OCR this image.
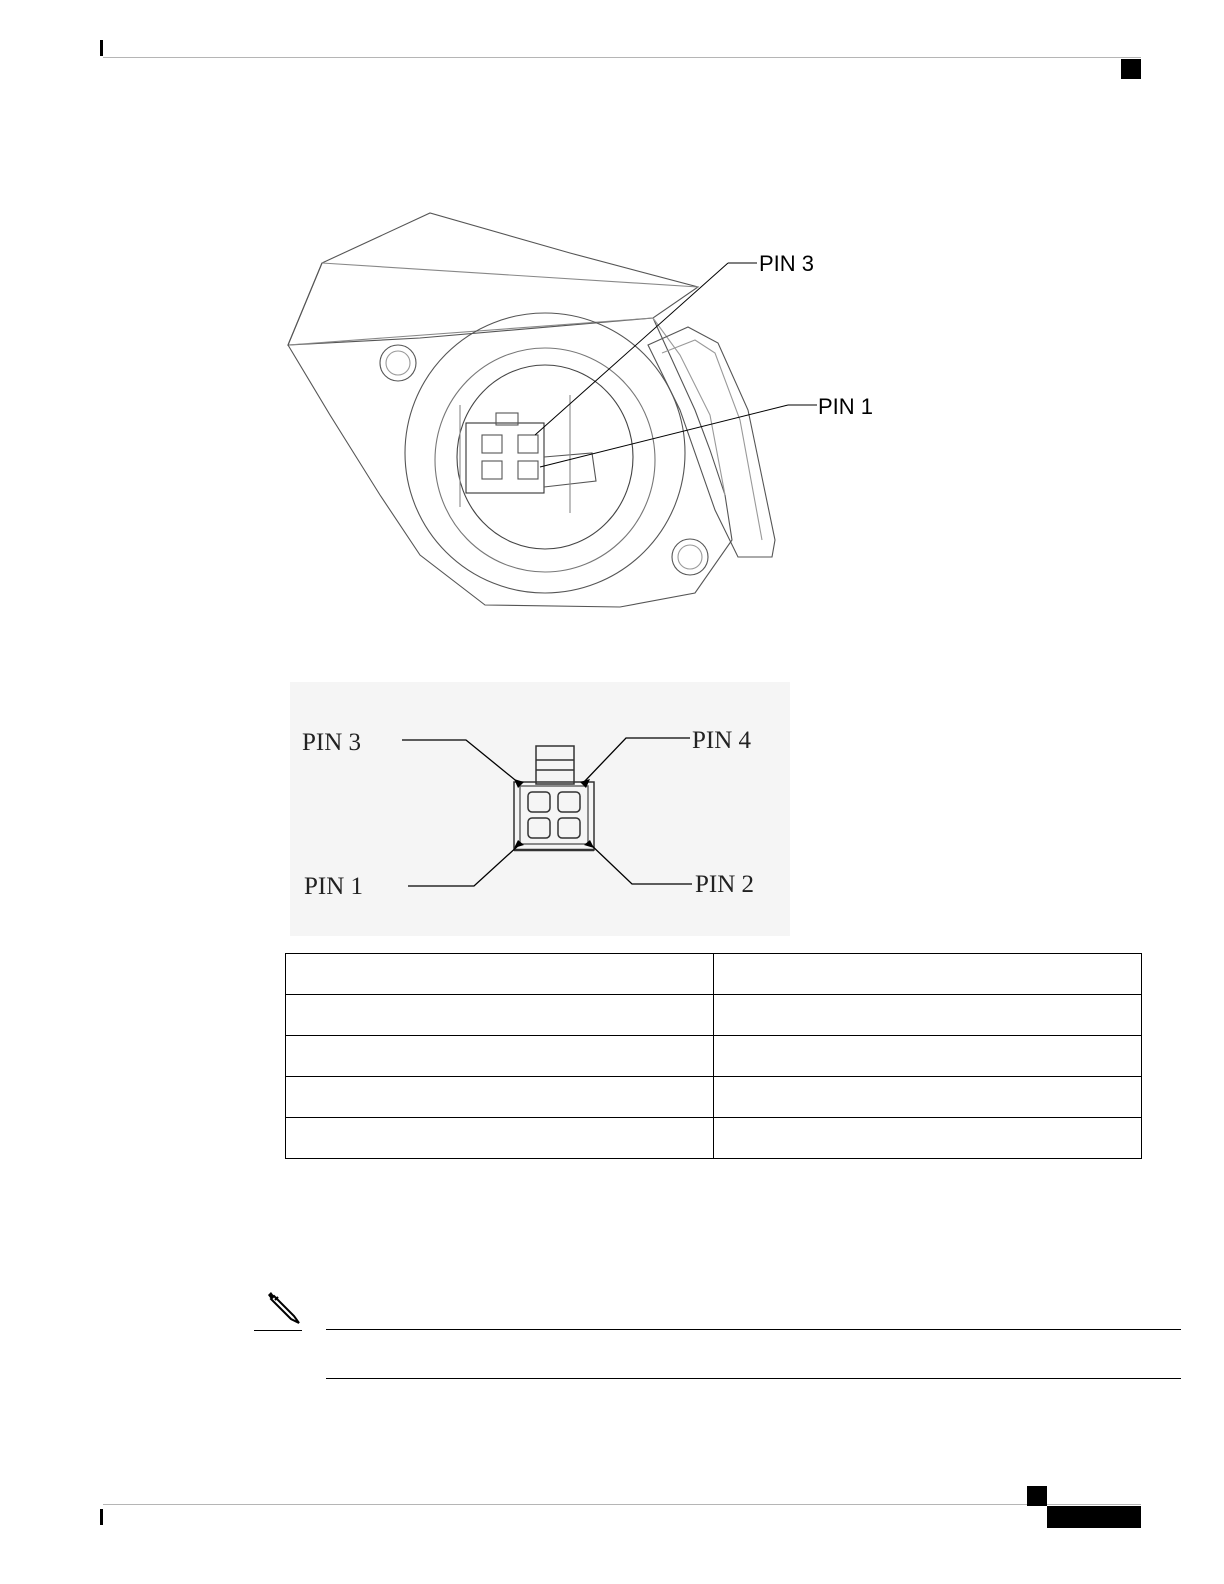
PIN 3
PIN 1
PIN 3	PIN 4
PIN 1	PIN 2
